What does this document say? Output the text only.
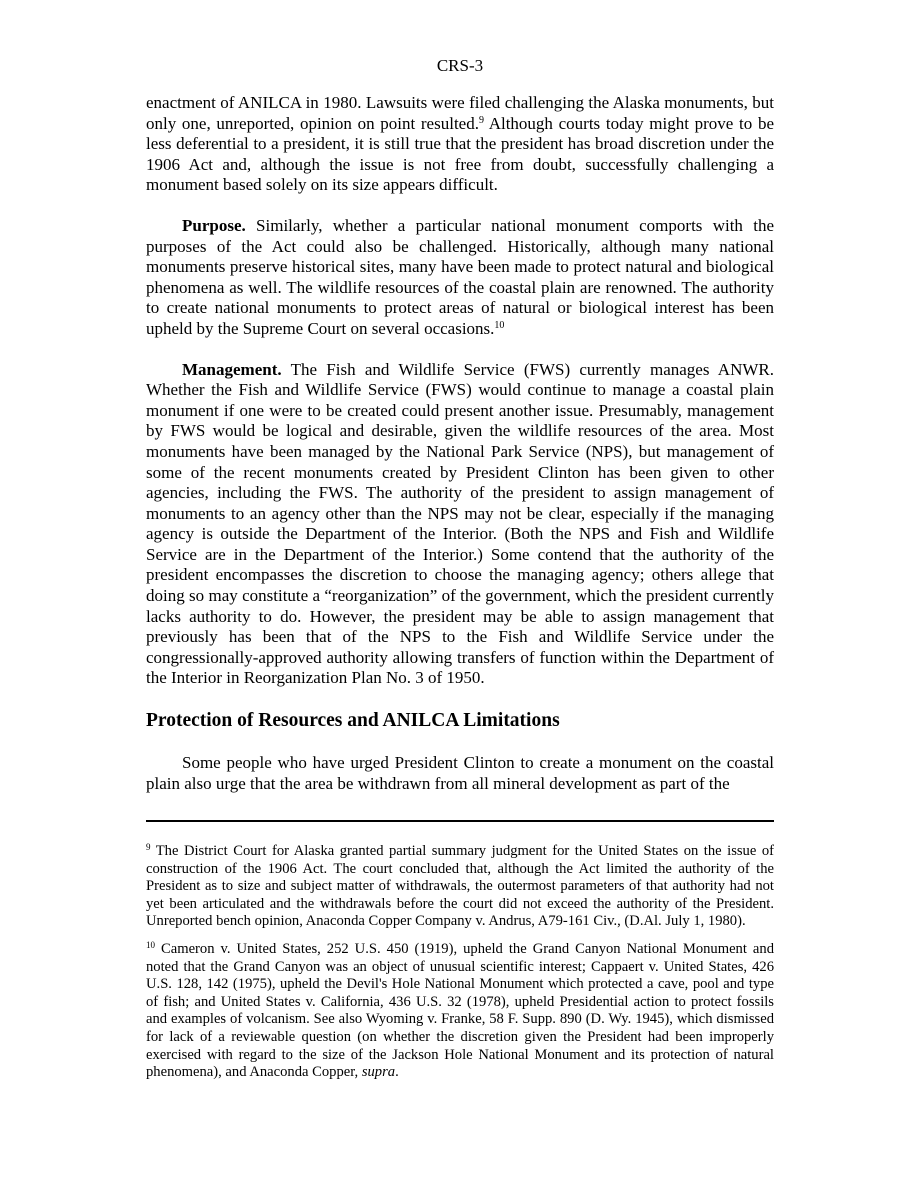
CRS-3

enactment of ANILCA in 1980. Lawsuits were filed challenging the Alaska monuments, but only one, unreported, opinion on point resulted.$^9$ Although courts today might prove to be less deferential to a president, it is still true that the president has broad discretion under the 1906 Act and, although the issue is not free from doubt, successfully challenging a monument based solely on its size appears difficult.

Purpose. Similarly, whether a particular national monument comports with the purposes of the Act could also be challenged. Historically, although many national monuments preserve historical sites, many have been made to protect natural and biological phenomena as well. The wildlife resources of the coastal plain are renowned. The authority to create national monuments to protect areas of natural or biological interest has been upheld by the Supreme Court on several occasions.$^{10}$

Management. The Fish and Wildlife Service (FWS) currently manages ANWR. Whether the Fish and Wildlife Service (FWS) would continue to manage a coastal plain monument if one were to be created could present another issue. Presumably, management by FWS would be logical and desirable, given the wildlife resources of the area. Most monuments have been managed by the National Park Service (NPS), but management of some of the recent monuments created by President Clinton has been given to other agencies, including the FWS. The authority of the president to assign management of monuments to an agency other than the NPS may not be clear, especially if the managing agency is outside the Department of the Interior. (Both the NPS and Fish and Wildlife Service are in the Department of the Interior.) Some contend that the authority of the president encompasses the discretion to choose the managing agency; others allege that doing so may constitute a “reorganization” of the government, which the president currently lacks authority to do. However, the president may be able to assign management that previously has been that of the NPS to the Fish and Wildlife Service under the congressionally-approved authority allowing transfers of function within the Department of the Interior in Reorganization Plan No. 3 of 1950.

Protection of Resources and ANILCA Limitations

Some people who have urged President Clinton to create a monument on the coastal plain also urge that the area be withdrawn from all mineral development as part of the

$^9$ The District Court for Alaska granted partial summary judgment for the United States on the issue of construction of the 1906 Act. The court concluded that, although the Act limited the authority of the President as to size and subject matter of withdrawals, the outermost parameters of that authority had not yet been articulated and the withdrawals before the court did not exceed the authority of the President. Unreported bench opinion, Anaconda Copper Company v. Andrus, A79-161 Civ., (D.Al. July 1, 1980).

$^{10}$ Cameron v. United States, 252 U.S. 450 (1919), upheld the Grand Canyon National Monument and noted that the Grand Canyon was an object of unusual scientific interest; Cappaert v. United States, 426 U.S. 128, 142 (1975), upheld the Devil's Hole National Monument which protected a cave, pool and type of fish; and United States v. California, 436 U.S. 32 (1978), upheld Presidential action to protect fossils and examples of volcanism. See also Wyoming v. Franke, 58 F. Supp. 890 (D. Wy. 1945), which dismissed for lack of a reviewable question (on whether the discretion given the President had been improperly exercised with regard to the size of the Jackson Hole National Monument and its protection of natural phenomena), and Anaconda Copper, supra.
